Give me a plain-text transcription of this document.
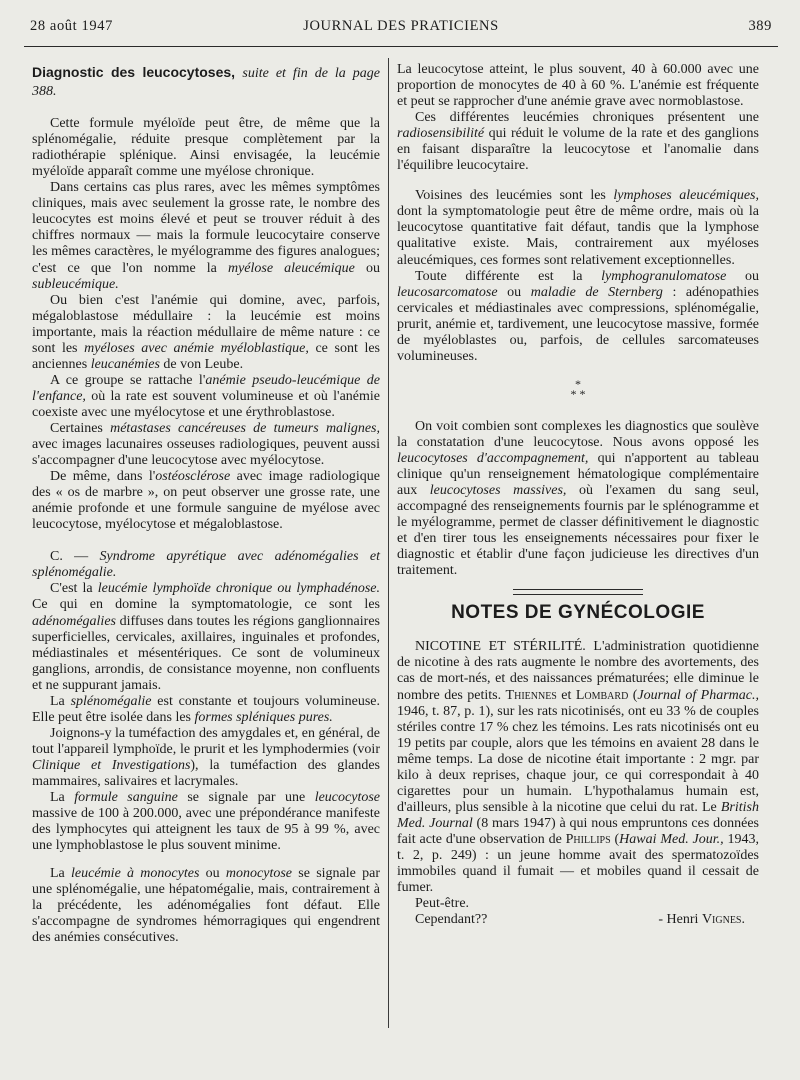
28 août 1947	JOURNAL DES PRATICIENS	389
Diagnostic des leucocytoses, suite et fin de la page 388.

Cette formule myéloïde peut être, de même que la splénomégalie, réduite presque complètement par la radiothérapie splénique. Ainsi envisagée, la leucémie myéloïde apparaît comme une myélose chronique.

Dans certains cas plus rares, avec les mêmes symptômes cliniques, mais avec seulement la grosse rate, le nombre des leucocytes est moins élevé et peut se trouver réduit à des chiffres normaux — mais la formule leucocytaire conserve les mêmes caractères, le myélogramme des figures analogues; c'est ce que l'on nomme la myélose aleucémique ou subleucémique.

Ou bien c'est l'anémie qui domine, avec, parfois, mégaloblastose médullaire : la leucémie est moins importante, mais la réaction médullaire de même nature : ce sont les myéloses avec anémie myéloblastique, ce sont les anciennes leucanémies de von Leube.

A ce groupe se rattache l'anémie pseudo-leucémique de l'enfance, où la rate est souvent volumineuse et où l'anémie coexiste avec une myélocytose et une érythroblastose.

Certaines métastases cancéreuses de tumeurs malignes, avec images lacunaires osseuses radiologiques, peuvent aussi s'accompagner d'une leucocytose avec myélocytose.

De même, dans l'ostéosclérose avec image radiologique des « os de marbre », on peut observer une grosse rate, une anémie profonde et une formule sanguine de myélose avec leucocytose, myélocytose et mégaloblastose.

C. — Syndrome apyrétique avec adénomégalies et splénomégalie.

C'est la leucémie lymphoïde chronique ou lymphadénose. Ce qui en domine la symptomatologie, ce sont les adénomégalies diffuses dans toutes les régions ganglionnaires superficielles, cervicales, axillaires, inguinales et profondes, médiastinales et mésentériques. Ce sont de volumineux ganglions, arrondis, de consistance moyenne, non confluents et ne suppurant jamais.

La splénomégalie est constante et toujours volumineuse. Elle peut être isolée dans les formes spléniques pures.

Joignons-y la tuméfaction des amygdales et, en général, de tout l'appareil lymphoïde, le prurit et les lymphodermies (voir Clinique et Investigations), la tuméfaction des glandes mammaires, salivaires et lacrymales.

La formule sanguine se signale par une leucocytose massive de 100 à 200.000, avec une prépondérance manifeste des lymphocytes qui atteignent les taux de 95 à 99 %, avec une lymphoblastose le plus souvent minime.

La leucémie à monocytes ou monocytose se signale par une splénomégalie, une hépatomégalie, mais, contrairement à la précédente, les adénomégalies font défaut. Elle s'accompagne de syndromes hémorragiques qui engendrent des anémies consécutives.

La leucocytose atteint, le plus souvent, 40 à 60.000 avec une proportion de monocytes de 40 à 60 %. L'anémie est fréquente et peut se rapprocher d'une anémie grave avec normoblastose.

Ces différentes leucémies chroniques présentent une radiosensibilité qui réduit le volume de la rate et des ganglions en faisant disparaître la leucocytose et l'anomalie dans l'équilibre leucocytaire.

Voisines des leucémies sont les lymphoses aleucémiques, dont la symptomatologie peut être de même ordre, mais où la leucocytose quantitative fait défaut, tandis que la lymphose qualitative existe. Mais, contrairement aux myéloses aleucémiques, ces formes sont relativement exceptionnelles.

Toute différente est la lymphogranulomatose ou leucosarcomatose ou maladie de Sternberg : adénopathies cervicales et médiastinales avec compressions, splénomégalie, prurit, anémie et, tardivement, une leucocytose massive, formée de myéloblastes ou, parfois, de cellules sarcomateuses volumineuses.

*
* *

On voit combien sont complexes les diagnostics que soulève la constatation d'une leucocytose. Nous avons opposé les leucocytoses d'accompagnement, qui n'apportent au tableau clinique qu'un renseignement hématologique complémentaire aux leucocytoses massives, où l'examen du sang seul, accompagné des renseignements fournis par le splénogramme et le myélogramme, permet de classer définitivement le diagnostic et d'en tirer tous les enseignements nécessaires pour fixer le diagnostic et établir d'une façon judicieuse les directives d'un traitement.

NOTES DE GYNÉCOLOGIE

NICOTINE ET STÉRILITÉ. L'administration quotidienne de nicotine à des rats augmente le nombre des avortements, des cas de mort-nés, et des naissances prématurées; elle diminue le nombre des petits. Thiennes et Lombard (Journal of Pharmac., 1946, t. 87, p. 1), sur les rats nicotinisés, ont eu 33 % de couples stériles contre 17 % chez les témoins. Les rats nicotinisés ont eu 19 petits par couple, alors que les témoins en avaient 28 dans le même temps. La dose de nicotine était importante : 2 mgr. par kilo à deux reprises, chaque jour, ce qui correspondait à 40 cigarettes pour un humain. L'hypothalamus humain est, d'ailleurs, plus sensible à la nicotine que celui du rat. Le British Med. Journal (8 mars 1947) à qui nous empruntons ces données fait acte d'une observation de Phillips (Hawai Med. Jour., 1943, t. 2, p. 249) : un jeune homme avait des spermatozoïdes immobiles quand il fumait — et mobiles quand il cessait de fumer.

Peut-être.

Cependant??	- Henri Vignes.
